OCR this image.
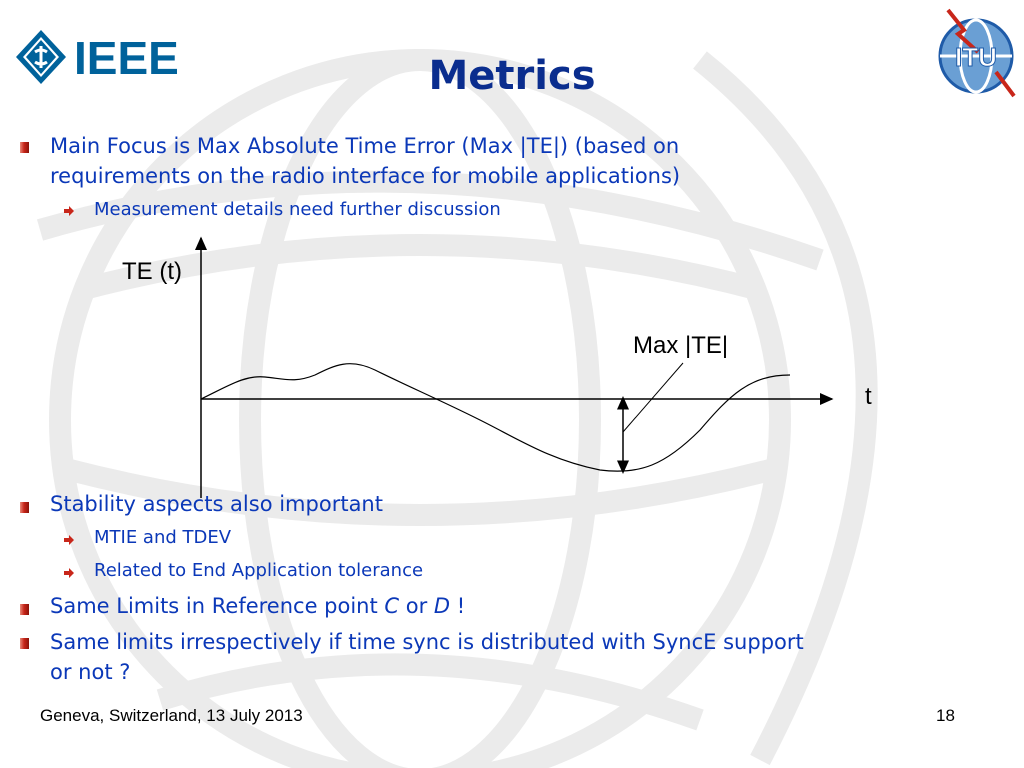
IEEE	ITU
Metrics
Main Focus is Max Absolute Time Error (Max |TE|) (based on
requirements on the radio interface for mobile applications)
Measurement details need further discussion
Stability aspects also important
MTIE and TDEV
Related to End Application tolerance
Same Limits in Reference point C or D !
Same limits irrespectively if time sync is distributed with SyncE support
or not ?
TE (t)
t
Max |TE|
Geneva, Switzerland, 13 July 2013	18
